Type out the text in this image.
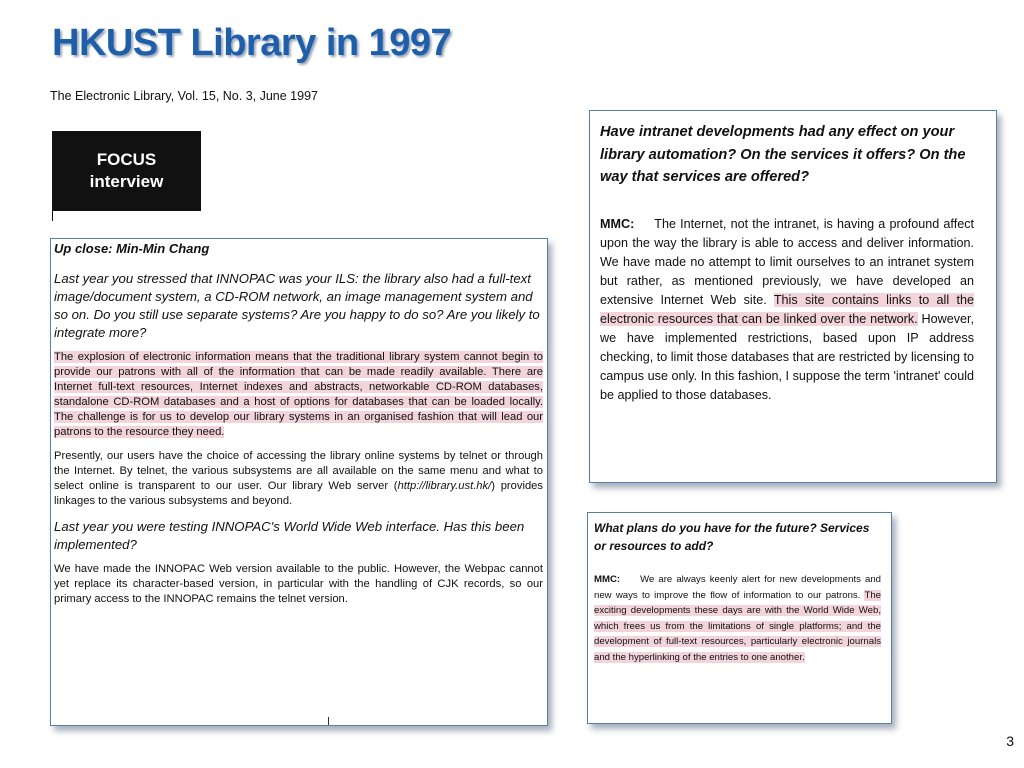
HKUST Library in 1997
The Electronic Library, Vol. 15, No. 3, June 1997
FOCUS
interview

Up close: Min-Min Chang

Last year you stressed that INNOPAC was your ILS: the library also had a full-text image/document system, a CD-ROM network, an image management system and so on. Do you still use separate systems? Are you happy to do so? Are you likely to integrate more?

The explosion of electronic information means that the traditional library system cannot begin to provide our patrons with all of the information that can be made readily available. There are Internet full-text resources, Internet indexes and abstracts, networkable CD-ROM databases, standalone CD-ROM databases and a host of options for databases that can be loaded locally. The challenge is for us to develop our library systems in an organised fashion that will lead our patrons to the resource they need.

Presently, our users have the choice of accessing the library online systems by telnet or through the Internet. By telnet, the various subsystems are all available on the same menu and what to select online is transparent to our user. Our library Web server (http://library.ust.hk/) provides linkages to the various subsystems and beyond.

Last year you were testing INNOPAC's World Wide Web interface. Has this been implemented?

We have made the INNOPAC Web version available to the public. However, the Webpac cannot yet replace its character-based version, in particular with the handling of CJK records, so our primary access to the INNOPAC remains the telnet version.

Have intranet developments had any effect on your library automation? On the services it offers? On the way that services are offered?

MMC: The Internet, not the intranet, is having a profound affect upon the way the library is able to access and deliver information. We have made no attempt to limit ourselves to an intranet system but rather, as mentioned previously, we have developed an extensive Internet Web site. This site contains links to all the electronic resources that can be linked over the network. However, we have implemented restrictions, based upon IP address checking, to limit those databases that are restricted by licensing to campus use only. In this fashion, I suppose the term 'intranet' could be applied to those databases.

What plans do you have for the future? Services or resources to add?

MMC: We are always keenly alert for new developments and new ways to improve the flow of information to our patrons. The exciting developments these days are with the World Wide Web, which frees us from the limitations of single platforms; and the development of full-text resources, particularly electronic journals and the hyperlinking of the entries to one another.

3
